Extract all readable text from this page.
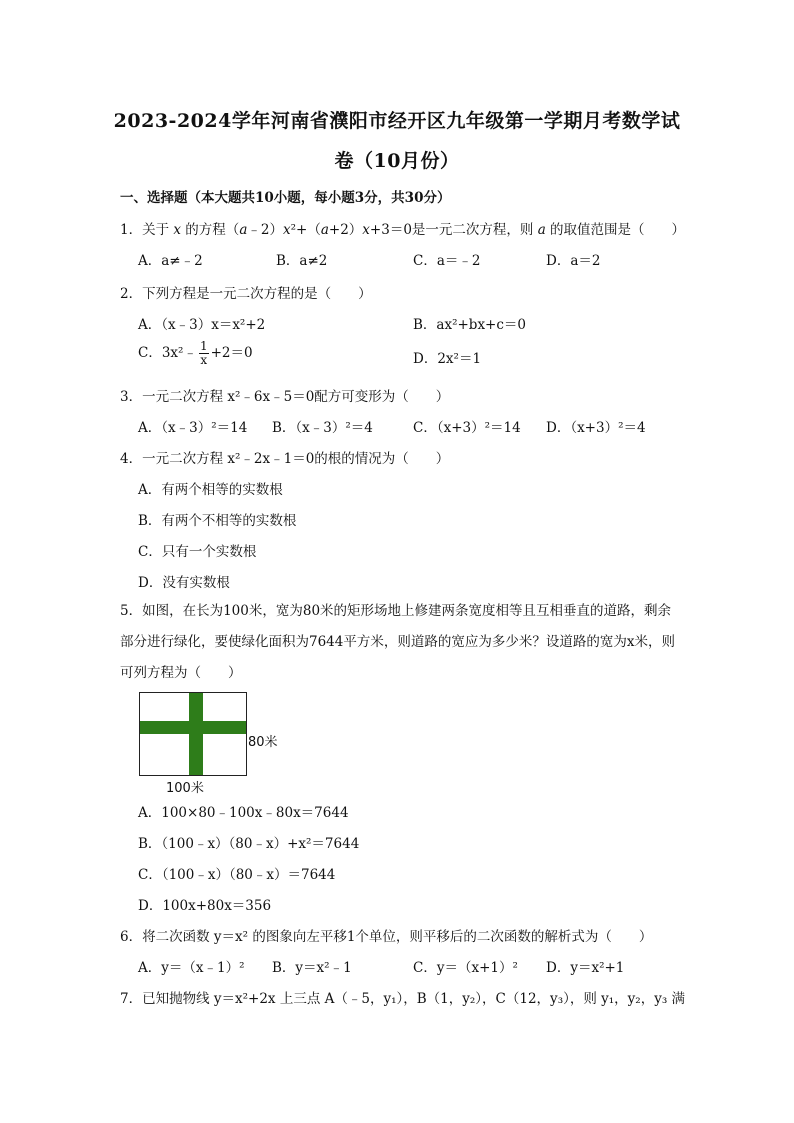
2023-2024学年河南省濮阳市经开区九年级第一学期月考数学试
卷（10月份）
一、选择题（本大题共10小题，每小题3分，共30分）
1．关于 x 的方程（a﹣2）x²+（a+2）x+3＝0是一元二次方程，则 a 的取值范围是（　　）
A．a≠﹣2	B．a≠2	C．a＝﹣2	D．a＝2
2．下列方程是一元二次方程的是（　　）
A．（x﹣3）x＝x²+2	B．ax²+bx+c＝0
C．3x²﹣ $\frac{1}{x} +2=0$	D．2x²＝1
3．一元二次方程 x²﹣6x﹣5＝0配方可变形为（　　）
A．（x﹣3）²＝14 B．（x﹣3）²＝4	C．（x+3）²＝14 D．（x+3）²＝4
4．一元二次方程 x²﹣2x﹣1＝0的根的情况为（　　）
A．有两个相等的实数根
B．有两个不相等的实数根
C．只有一个实数根
D．没有实数根
5．如图，在长为100米，宽为80米的矩形场地上修建两条宽度相等且互相垂直的道路，剩余部分进行绿化，要使绿化面积为7644平方米，则道路的宽应为多少米？设道路的宽为x米，则可列方程为（　　）
80米
100米
A．100×80﹣100x﹣80x＝7644
B．（100﹣x）（80﹣x）+x²＝7644
C．（100﹣x）（80﹣x）＝7644
D．100x+80x＝356
6．将二次函数 y＝x² 的图象向左平移1个单位，则平移后的二次函数的解析式为（　　）
A．y＝（x﹣1）² B．y＝x²﹣1	C．y＝（x+1）² D．y＝x²+1
7．已知抛物线 y＝x²+2x 上三点 A（﹣5，y₁），B（1，y₂），C（12，y₃），则 y₁，y₂，y₃ 满
